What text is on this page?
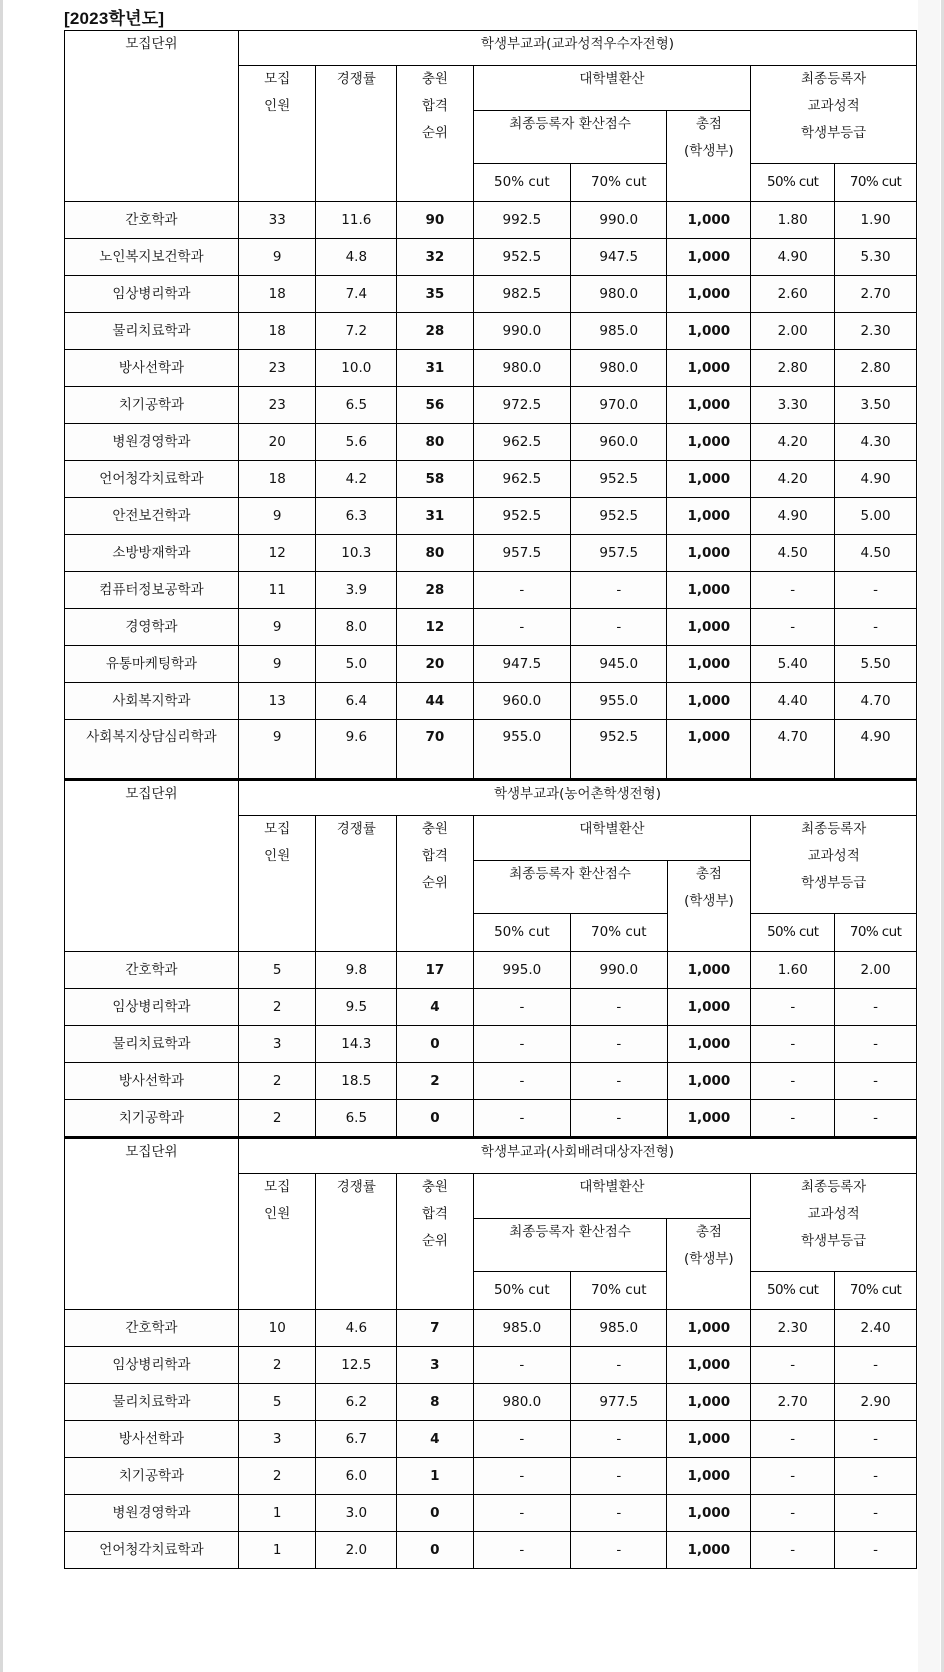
[2023학년도]
모집단위	학생부교과(교과성적우수자전형)							

모집
인원
	경쟁률	충원
합격
순위
	대학별환산	최종등록자
교과성적
학생부등급

				최종등록자 환산점수		총점
(학생부)		

				50% cut	70% cut		50% cut	70% cut
간호학과	33	11.6	90	992.5	990.0	1,000	1.80	1.90
노인복지보건학과	9	4.8	32	952.5	947.5	1,000	4.90	5.30
임상병리학과	18	7.4	35	982.5	980.0	1,000	2.60	2.70
물리치료학과	18	7.2	28	990.0	985.0	1,000	2.00	2.30
방사선학과	23	10.0	31	980.0	980.0	1,000	2.80	2.80
치기공학과	23	6.5	56	972.5	970.0	1,000	3.30	3.50
병원경영학과	20	5.6	80	962.5	960.0	1,000	4.20	4.30
언어청각치료학과	18	4.2	58	962.5	952.5	1,000	4.20	4.90
안전보건학과	9	6.3	31	952.5	952.5	1,000	4.90	5.00
소방방재학과	12	10.3	80	957.5	957.5	1,000	4.50	4.50
컴퓨터정보공학과	11	3.9	28	-	-	1,000	-	-
경영학과	9	8.0	12	-	-	1,000	-	-
유통마케팅학과	9	5.0	20	947.5	945.0	1,000	5.40	5.50
사회복지학과	13	6.4	44	960.0	955.0	1,000	4.40	4.70
사회복지상담심리학과	9	9.6	70	955.0	952.5	1,000	4.70	4.90
모집단위	학생부교과(농어촌학생전형)							

모집
인원
	경쟁률	충원
합격
순위
	대학별환산	최종등록자
교과성적
학생부등급

				최종등록자 환산점수		총점
(학생부)		

				50% cut	70% cut		50% cut	70% cut
간호학과	5	9.8	17	995.0	990.0	1,000	1.60	2.00
임상병리학과	2	9.5	4	-	-	1,000	-	-
물리치료학과	3	14.3	0	-	-	1,000	-	-
방사선학과	2	18.5	2	-	-	1,000	-	-
치기공학과	2	6.5	0	-	-	1,000	-	-
모집단위	학생부교과(사회배려대상자전형)							

모집
인원
	경쟁률	충원
합격
순위
	대학별환산	최종등록자
교과성적
학생부등급

				최종등록자 환산점수		총점
(학생부)		

				50% cut	70% cut		50% cut	70% cut
간호학과	10	4.6	7	985.0	985.0	1,000	2.30	2.40
임상병리학과	2	12.5	3	-	-	1,000	-	-
물리치료학과	5	6.2	8	980.0	977.5	1,000	2.70	2.90
방사선학과	3	6.7	4	-	-	1,000	-	-
치기공학과	2	6.0	1	-	-	1,000	-	-
병원경영학과	1	3.0	0	-	-	1,000	-	-
언어청각치료학과	1	2.0	0	-	-	1,000	-	-
